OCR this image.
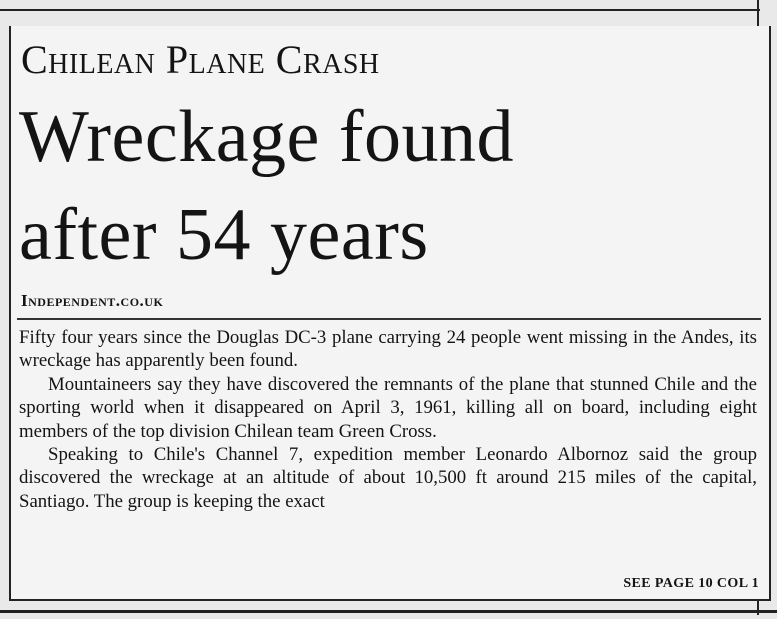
Chilean Plane Crash
Wreckage found
after 54 years
Independent.co.uk

Fifty four years since the Douglas DC-3 plane carrying 24 people went missing in the Andes, its wreckage has apparently been found.

Mountaineers say they have discovered the remnants of the plane that stunned Chile and the sporting world when it disappeared on April 3, 1961, killing all on board, including eight members of the top division Chilean team Green Cross.

Speaking to Chile's Channel 7, expedition member Leonardo Albornoz said the group discovered the wreckage at an altitude of about 10,500 ft around 215 miles of the capital, Santiago. The group is keeping the exact

SEE PAGE 10 COL 1
